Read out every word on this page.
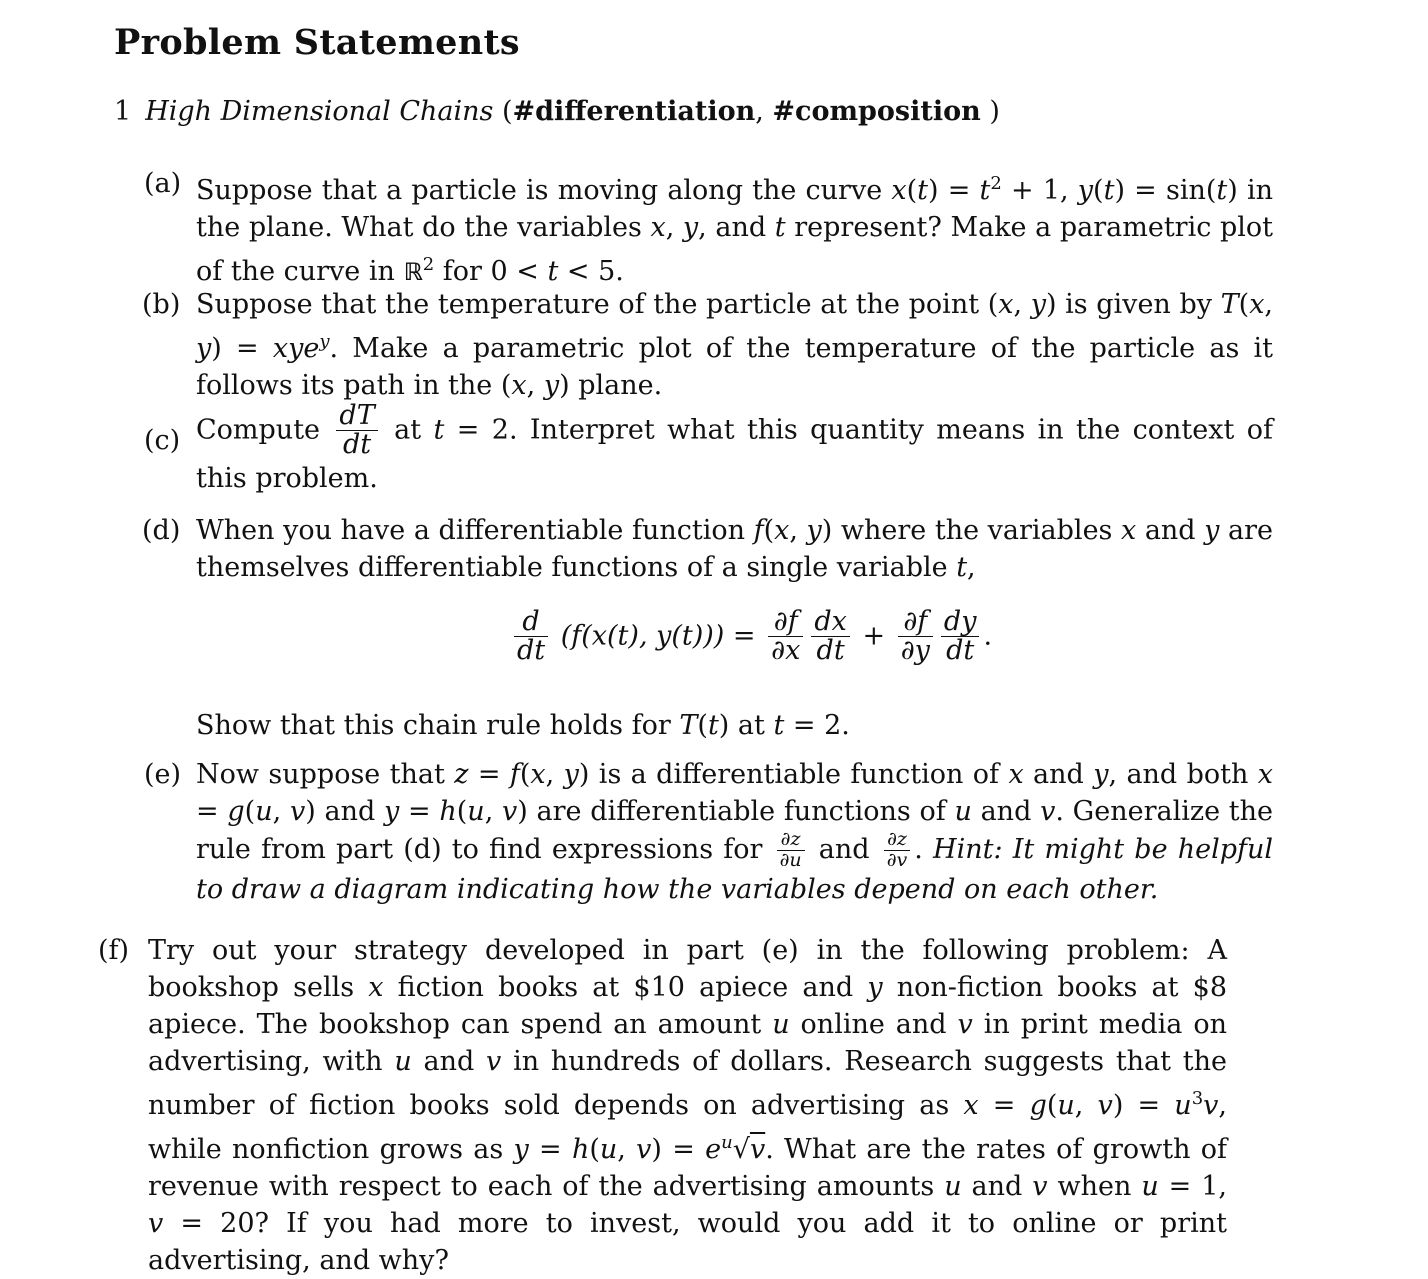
Problem Statements
1 High Dimensional Chains (#differentiation, #composition )
(a) Suppose that a particle is moving along the curve $x(t) = t^2 + 1$, y(t) = sin(t) in the plane. What do the variables x, y, and t represent? Make a parametric plot of the curve in ℝ$^2$ for 0 < t < 5.
(b) Suppose that the temperature of the particle at the point (x, y) is given by T(x, y) = xye$^y$. Make a parametric plot of the temperature of the particle as it follows its path in the (x, y) plane.
(c) Compute $\frac{dT}{dt}$ at t = 2. Interpret what this quantity means in the context of this problem.
(d) When you have a differentiable function f(x, y) where the variables x and y are themselves differentiable functions of a single variable t,
$\frac{d}{dt} (f(x(t)$, $y(t))) = \frac{\partial f}{\partial x} \frac{dx}{dt} + \frac{\partial f}{\partial y} \frac{dy}{dt}$ .
Show that this chain rule holds for T(t) at t = 2.
(e) Now suppose that z = f(x, y) is a differentiable function of x and y, and both x = g(u, v) and y = h(u, v) are differentiable functions of u and v. Generalize the rule from part (d) to find expressions for $\frac{\partial z}{\partial u}$ and $\frac{\partial z}{\partial v}$ . Hint: It might be helpful to draw a diagram indicating how the variables depend on each other.
(f) Try out your strategy developed in part (e) in the following problem: A bookshop sells x fiction books at $10 apiece and y non-fiction books at $8 apiece. The bookshop can spend an amount u online and v in print media on advertising, with u and v in hundreds of dollars. Research suggests that the number of fiction books sold depends on advertising as x = g(u, $v) = u^3v$, while nonfiction grows as y = h(u, $v) = e^u√v$. What are the rates of growth of revenue with respect to each of the advertising amounts u and v when u = 1, v = 20? If you had more to invest, would you add it to online or print advertising, and why?
